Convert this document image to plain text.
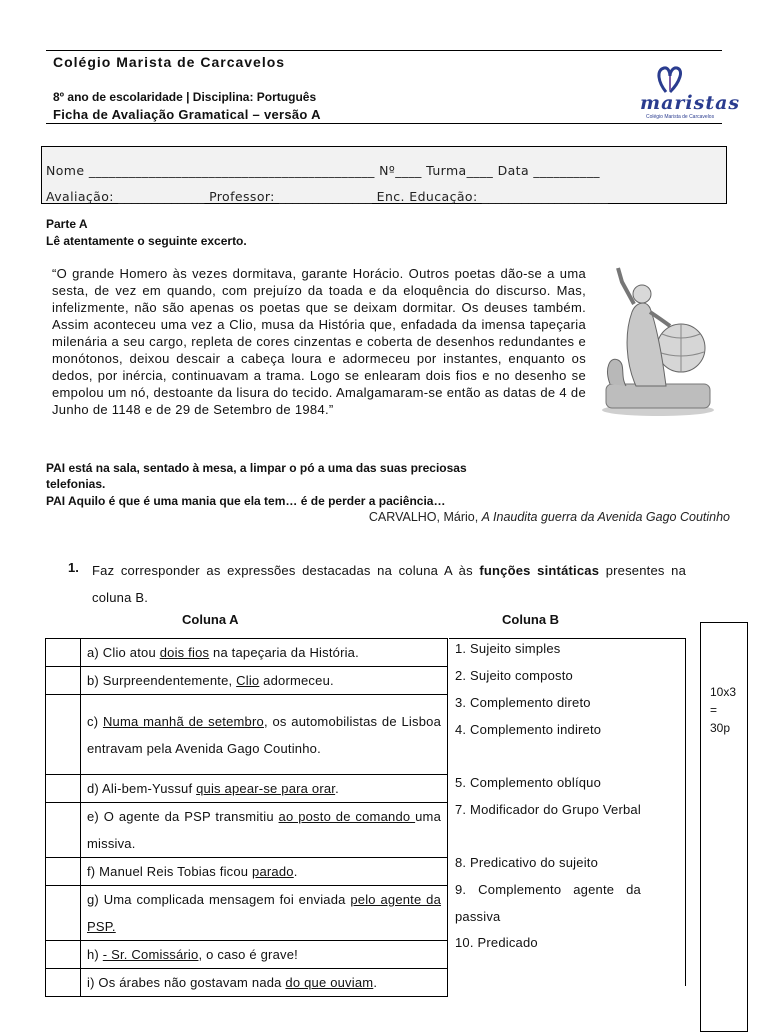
Colégio Marista de Carcavelos
8º ano de escolaridade | Disciplina: Português
Ficha de Avaliação Gramatical – versão A
maristas
Colégio Marista de Carcavelos
Nome ___________________________________________ Nº____ Turma____ Data __________
Avaliação: _____________ Professor: ______________ Enc. Educação: ___________________
Parte A
Lê atentamente o seguinte excerto.
“O grande Homero às vezes dormitava, garante Horácio. Outros poetas dão-se a uma sesta, de vez em quando, com prejuízo da toada e da eloquência do discurso. Mas, infelizmente, não são apenas os poetas que se deixam dormitar. Os deuses também. Assim aconteceu uma vez a Clio, musa da História que, enfadada da imensa tapeçaria milenária a seu cargo, repleta de cores cinzentas e coberta de desenhos redundantes e monótonos, deixou descair a cabeça loura e adormeceu por instantes, enquanto os dedos, por inércia, continuavam a trama. Logo se enlearam dois fios e no desenho se empolou um nó, destoante da lisura do tecido. Amalgamaram-se então as datas de 4 de Junho de 1148 e de 29 de Setembro de 1984.”
PAI está na sala, sentado à mesa, a limpar o pó a uma das suas preciosas
telefonias.
PAI Aquilo é que é uma mania que ela tem… é de perder a paciência…
CARVALHO, Mário, A Inaudita guerra da Avenida Gago Coutinho
1. Faz corresponder as expressões destacadas na coluna A às funções sintáticas presentes na coluna B.
Coluna A	Coluna B
	a) Clio atou dois fios na tapeçaria da História.
	b) Surpreendentemente, Clio adormeceu.
	c) Numa manhã de setembro, os automobilistas de Lisboa entravam pela Avenida Gago Coutinho.
	d) Ali-bem-Yussuf quis apear-se para orar.
	e) O agente da PSP transmitiu ao posto de comando uma missiva.
	f) Manuel Reis Tobias ficou parado.
	g) Uma complicada mensagem foi enviada pelo agente da PSP.
	h) - Sr. Comissário, o caso é grave!
	i) Os árabes não gostavam nada do que ouviam.
1. Sujeito simples
2. Sujeito composto
3. Complemento direto
4. Complemento indireto
5. Complemento oblíquo
7. Modificador do Grupo Verbal
8. Predicativo do sujeito
9. Complemento agente da passiva
10. Predicado
10x3
=
30p
